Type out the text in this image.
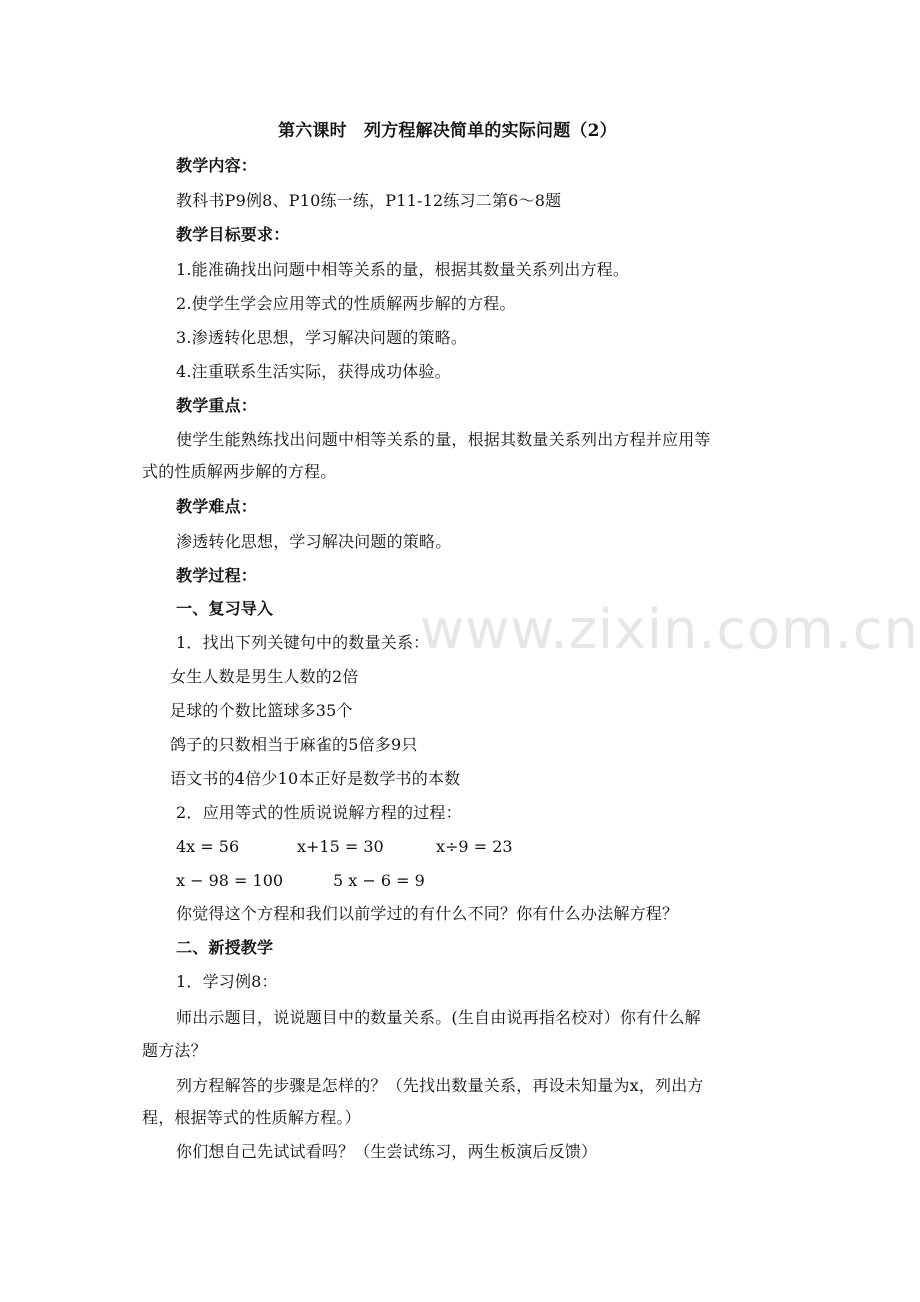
www.zixin.com.cn
第六课时　列方程解决简单的实际问题（2）
教学内容：
教科书P9例8、P10练一练，P11-12练习二第6～8题
教学目标要求：
1.能准确找出问题中相等关系的量，根据其数量关系列出方程。
2.使学生学会应用等式的性质解两步解的方程。
3.渗透转化思想，学习解决问题的策略。
4.注重联系生活实际，获得成功体验。
教学重点：
使学生能熟练找出问题中相等关系的量，根据其数量关系列出方程并应用等
式的性质解两步解的方程。
教学难点：
渗透转化思想，学习解决问题的策略。
教学过程：
一、复习导入
1．找出下列关键句中的数量关系：
女生人数是男生人数的2倍
足球的个数比篮球多35个
鸽子的只数相当于麻雀的5倍多9只
语文书的4倍少10本正好是数学书的本数
2．应用等式的性质说说解方程的过程：
4x = 56	x+15 = 30	x÷9 = 23
x − 98 = 100	5 x − 6 = 9
你觉得这个方程和我们以前学过的有什么不同？你有什么办法解方程？
二、新授教学
1．学习例8：
师出示题目，说说题目中的数量关系。(生自由说再指名校对）你有什么解
题方法？
列方程解答的步骤是怎样的？（先找出数量关系，再设未知量为x，列出方
程，根据等式的性质解方程。）
你们想自己先试试看吗？（生尝试练习，两生板演后反馈）
